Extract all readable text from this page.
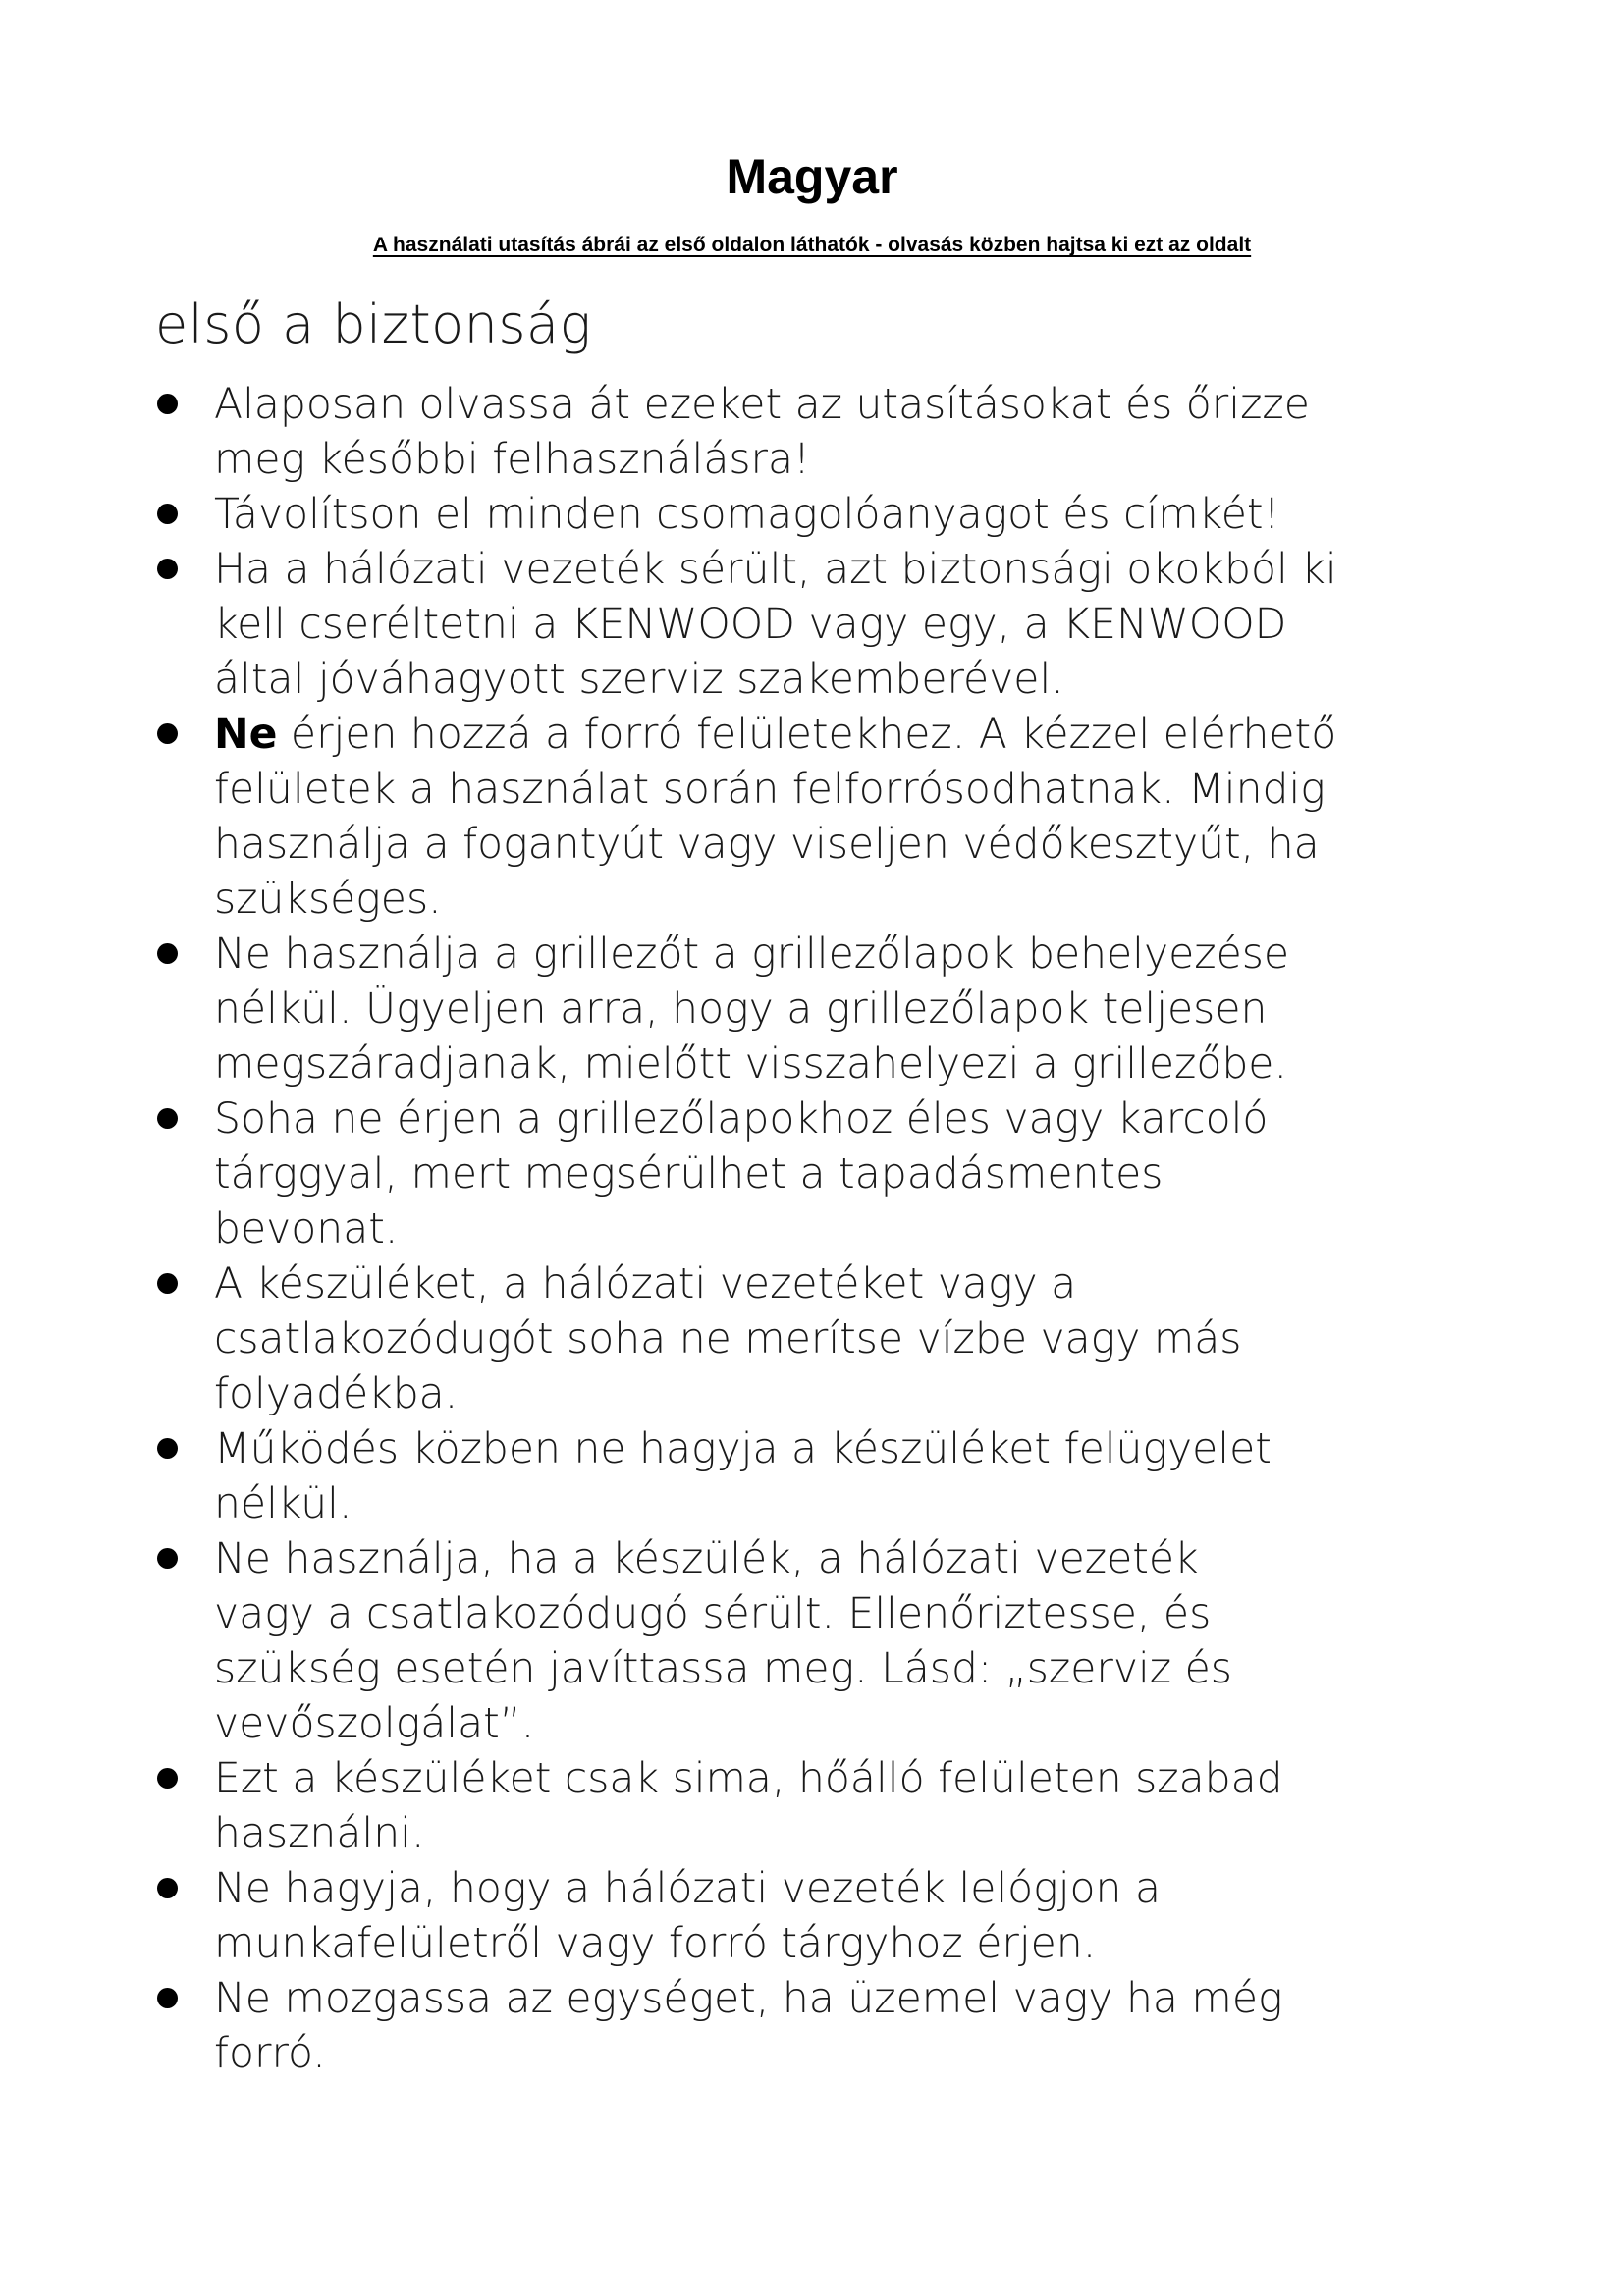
Magyar
A használati utasítás ábrái az első oldalon láthatók - olvasás közben hajtsa ki ezt az oldalt
első a biztonság
Alaposan olvassa át ezeket az utasításokat és őrizze
meg későbbi felhasználásra!
Távolítson el minden csomagolóanyagot és címkét!
Ha a hálózati vezeték sérült, azt biztonsági okokból ki
kell cseréltetni a KENWOOD vagy egy, a KENWOOD
által jóváhagyott szerviz szakemberével.
Ne érjen hozzá a forró felületekhez. A kézzel elérhető
felületek a használat során felforrósodhatnak. Mindig
használja a fogantyút vagy viseljen védőkesztyűt, ha
szükséges.
Ne használja a grillezőt a grillezőlapok behelyezése
nélkül. Ügyeljen arra, hogy a grillezőlapok teljesen
megszáradjanak, mielőtt visszahelyezi a grillezőbe.
Soha ne érjen a grillezőlapokhoz éles vagy karcoló
tárggyal, mert megsérülhet a tapadásmentes
bevonat.
A készüléket, a hálózati vezetéket vagy a
csatlakozódugót soha ne merítse vízbe vagy más
folyadékba.
Működés közben ne hagyja a készüléket felügyelet
nélkül.
Ne használja, ha a készülék, a hálózati vezeték
vagy a csatlakozódugó sérült. Ellenőriztesse, és
szükség esetén javíttassa meg. Lásd: „szerviz és
vevőszolgálat”.
Ezt a készüléket csak sima, hőálló felületen szabad
használni.
Ne hagyja, hogy a hálózati vezeték lelógjon a
munkafelületről vagy forró tárgyhoz érjen.
Ne mozgassa az egységet, ha üzemel vagy ha még
forró.
